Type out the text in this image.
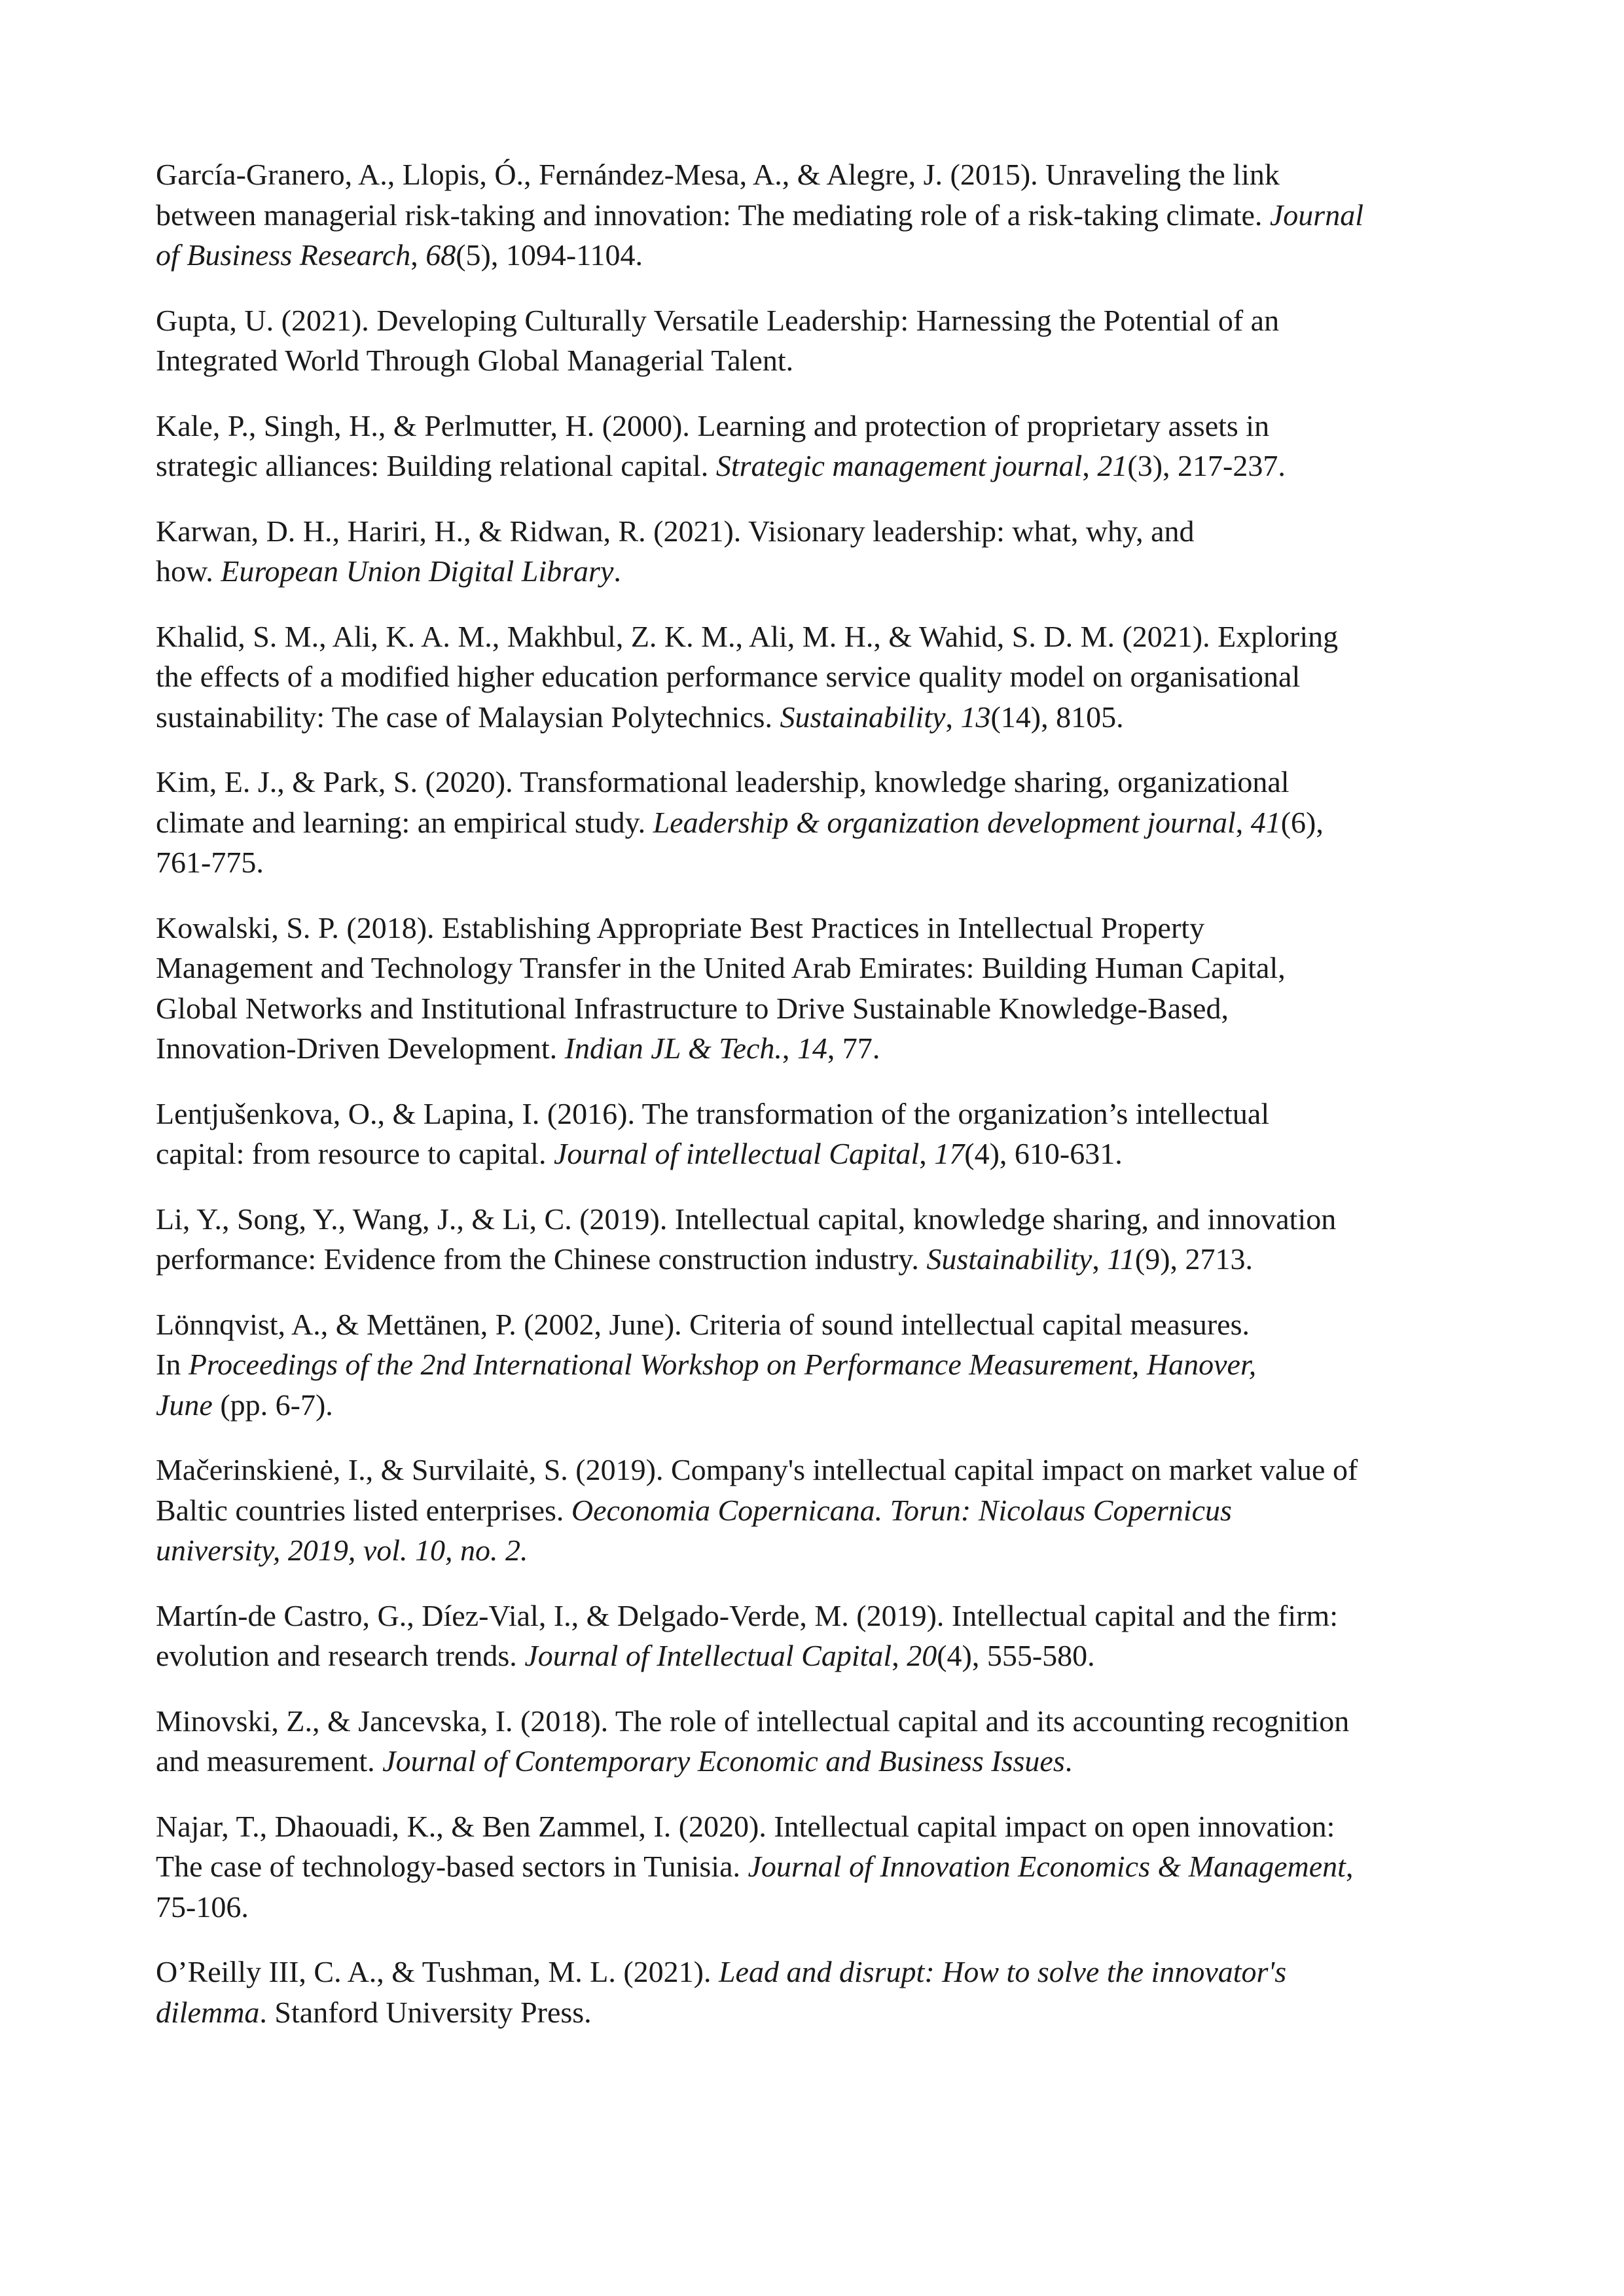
García-Granero, A., Llopis, Ó., Fernández-Mesa, A., & Alegre, J. (2015). Unraveling the link
between managerial risk-taking and innovation: The mediating role of a risk-taking climate. Journal
of Business Research, 68(5), 1094-1104.
Gupta, U. (2021). Developing Culturally Versatile Leadership: Harnessing the Potential of an
Integrated World Through Global Managerial Talent.
Kale, P., Singh, H., & Perlmutter, H. (2000). Learning and protection of proprietary assets in
strategic alliances: Building relational capital. Strategic management journal, 21(3), 217-237.
Karwan, D. H., Hariri, H., & Ridwan, R. (2021). Visionary leadership: what, why, and
how. European Union Digital Library.
Khalid, S. M., Ali, K. A. M., Makhbul, Z. K. M., Ali, M. H., & Wahid, S. D. M. (2021). Exploring
the effects of a modified higher education performance service quality model on organisational
sustainability: The case of Malaysian Polytechnics. Sustainability, 13(14), 8105.
Kim, E. J., & Park, S. (2020). Transformational leadership, knowledge sharing, organizational
climate and learning: an empirical study. Leadership & organization development journal, 41(6),
761-775.
Kowalski, S. P. (2018). Establishing Appropriate Best Practices in Intellectual Property
Management and Technology Transfer in the United Arab Emirates: Building Human Capital,
Global Networks and Institutional Infrastructure to Drive Sustainable Knowledge-Based,
Innovation-Driven Development. Indian JL & Tech., 14, 77.
Lentjušenkova, O., & Lapina, I. (2016). The transformation of the organization’s intellectual
capital: from resource to capital. Journal of intellectual Capital, 17(4), 610-631.
Li, Y., Song, Y., Wang, J., & Li, C. (2019). Intellectual capital, knowledge sharing, and innovation
performance: Evidence from the Chinese construction industry. Sustainability, 11(9), 2713.
Lönnqvist, A., & Mettänen, P. (2002, June). Criteria of sound intellectual capital measures.
In Proceedings of the 2nd International Workshop on Performance Measurement, Hanover,
June (pp. 6-7).
Mačerinskienė, I., & Survilaitė, S. (2019). Company's intellectual capital impact on market value of
Baltic countries listed enterprises. Oeconomia Copernicana. Torun: Nicolaus Copernicus
university, 2019, vol. 10, no. 2.
Martín-de Castro, G., Díez-Vial, I., & Delgado-Verde, M. (2019). Intellectual capital and the firm:
evolution and research trends. Journal of Intellectual Capital, 20(4), 555-580.
Minovski, Z., & Jancevska, I. (2018). The role of intellectual capital and its accounting recognition
and measurement. Journal of Contemporary Economic and Business Issues.
Najar, T., Dhaouadi, K., & Ben Zammel, I. (2020). Intellectual capital impact on open innovation:
The case of technology-based sectors in Tunisia. Journal of Innovation Economics & Management,
75-106.
O’Reilly III, C. A., & Tushman, M. L. (2021). Lead and disrupt: How to solve the innovator's
dilemma. Stanford University Press.
